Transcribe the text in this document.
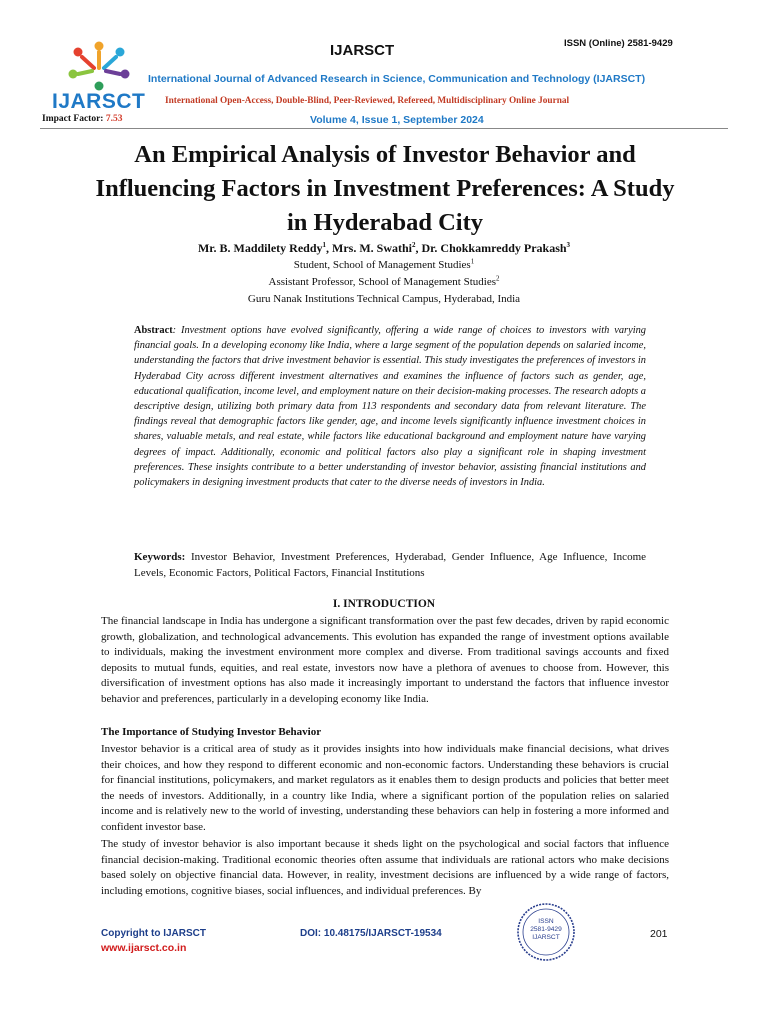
IJARSCT
Impact Factor: 7.53
IJARSCT	ISSN (Online) 2581-9429
International Journal of Advanced Research in Science, Communication and Technology (IJARSCT)
International Open-Access, Double-Blind, Peer-Reviewed, Refereed, Multidisciplinary Online Journal
Volume 4, Issue 1, September 2024
An Empirical Analysis of Investor Behavior and Influencing Factors in Investment Preferences: A Study in Hyderabad City
Mr. B. Maddilety Reddy$^1$, Mrs. M. Swathi$^2$, Dr. Chokkamreddy Prakash$^3$
Student, School of Management Studies$^1$
Assistant Professor, School of Management Studies$^2$
Guru Nanak Institutions Technical Campus, Hyderabad, India

Abstract: Investment options have evolved significantly, offering a wide range of choices to investors with varying financial goals. In a developing economy like India, where a large segment of the population depends on salaried income, understanding the factors that drive investment behavior is essential. This study investigates the preferences of investors in Hyderabad City across different investment alternatives and examines the influence of factors such as gender, age, educational qualification, income level, and employment nature on their decision-making processes. The research adopts a descriptive design, utilizing both primary data from 113 respondents and secondary data from relevant literature. The findings reveal that demographic factors like gender, age, and income levels significantly influence investment choices in shares, valuable metals, and real estate, while factors like educational background and employment nature have varying degrees of impact. Additionally, economic and political factors also play a significant role in shaping investment preferences. These insights contribute to a better understanding of investor behavior, assisting financial institutions and policymakers in designing investment products that cater to the diverse needs of investors in India.

Keywords: Investor Behavior, Investment Preferences, Hyderabad, Gender Influence, Age Influence, Income Levels, Economic Factors, Political Factors, Financial Institutions

I. INTRODUCTION

The financial landscape in India has undergone a significant transformation over the past few decades, driven by rapid economic growth, globalization, and technological advancements. This evolution has expanded the range of investment options available to individuals, making the investment environment more complex and diverse. From traditional savings accounts and fixed deposits to mutual funds, equities, and real estate, investors now have a plethora of avenues to choose from. However, this diversification of investment options has also made it increasingly important to understand the factors that influence investor behavior and preferences, particularly in a developing economy like India.

The Importance of Studying Investor Behavior

Investor behavior is a critical area of study as it provides insights into how individuals make financial decisions, what drives their choices, and how they respond to different economic and non-economic factors. Understanding these behaviors is crucial for financial institutions, policymakers, and market regulators as it enables them to design products and policies that better meet the needs of investors. Additionally, in a country like India, where a significant portion of the population relies on salaried income and is relatively new to the world of investing, understanding these behaviors can help in fostering a more informed and confident investor base.

The study of investor behavior is also important because it sheds light on the psychological and social factors that influence financial decision-making. Traditional economic theories often assume that individuals are rational actors who make decisions based solely on objective financial data. However, in reality, investment decisions are influenced by a wide range of factors, including emotions, cognitive biases, social influences, and individual preferences. By

Copyright to IJARSCT
www.ijarsct.co.in
DOI: 10.48175/IJARSCT-19534
ISSN
2581-9429
IJARSCT	201
